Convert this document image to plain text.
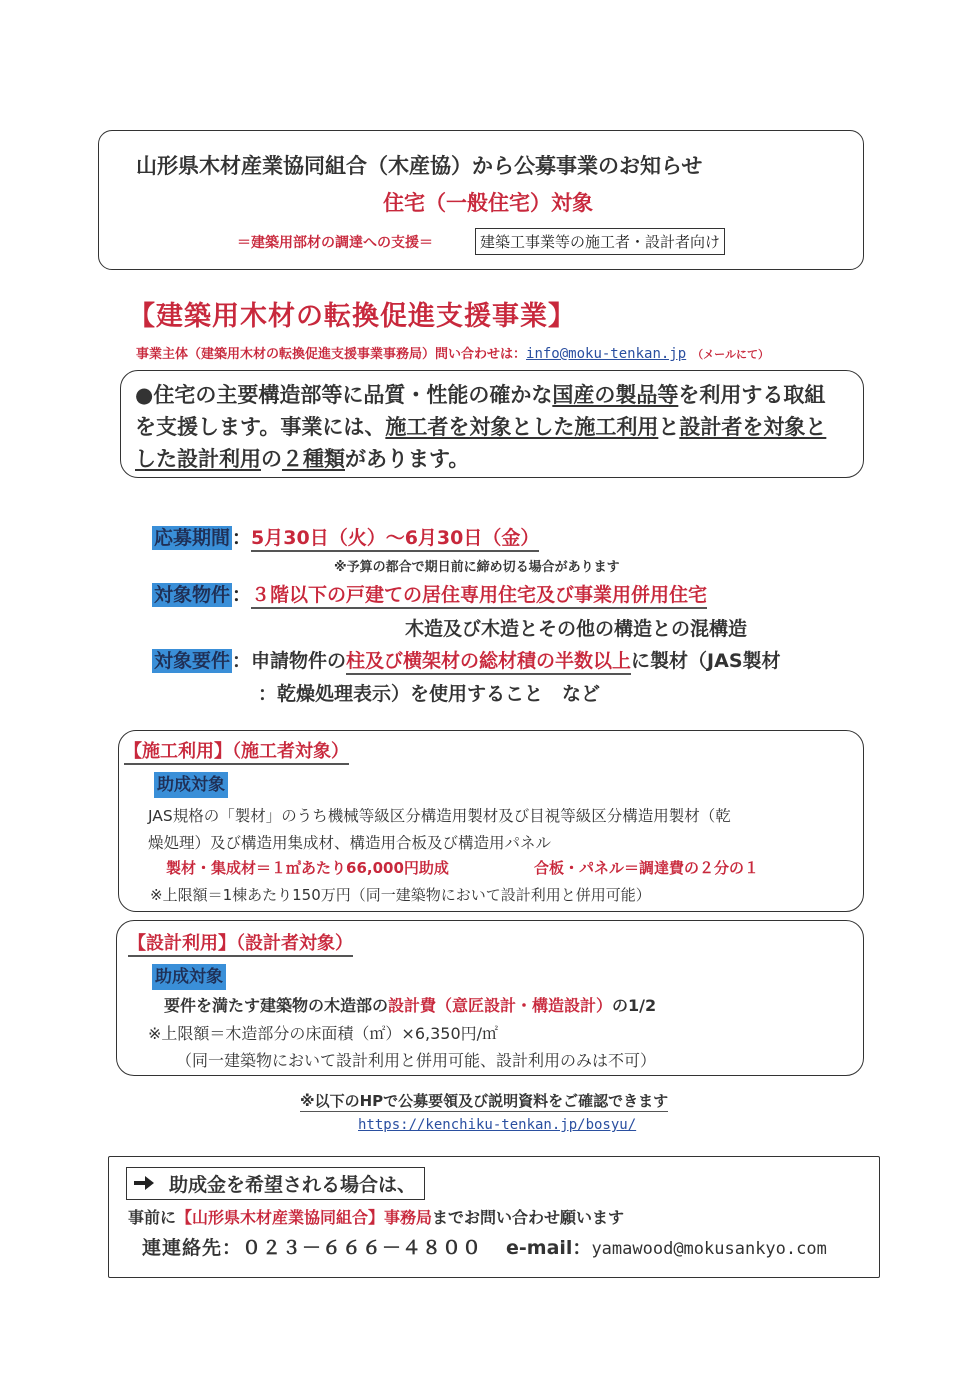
山形県木材産業協同組合（木産協）から公募事業のお知らせ
住宅（一般住宅）対象
＝建築用部材の調達への支援＝	建築工事業等の施工者・設計者向け
【建築用木材の転換促進支援事業】
事業主体（建築用木材の転換促進支援事業事務局）問い合わせは：info@moku-tenkan.jp （メールにて）
●住宅の主要構造部等に品質・性能の確かな国産の製品等を利用する取組
を支援します。事業には、施工者を対象とした施工利用と設計者を対象と
した設計利用の２種類があります。
応募期間 ：5月30日（火）～6月30日（金）
※予算の都合で期日前に締め切る場合があります
対象物件 ：３階以下の戸建ての居住専用住宅及び事業用併用住宅
木造及び木造とその他の構造との混構造
対象要件 ：申請物件の柱及び横架材の総材積の半数以上に製材（JAS製材
：乾燥処理表示）を使用すること　など
【施工利用】（施工者対象）
助成対象
JAS規格の「製材」のうち機械等級区分構造用製材及び目視等級区分構造用製材（乾
燥処理）及び構造用集成材、構造用合板及び構造用パネル
製材・集成材＝１㎥あたり66,000円助成	合板・パネル＝調達費の２分の１
※上限額＝1棟あたり150万円（同一建築物において設計利用と併用可能）
【設計利用】（設計者対象）
助成対象
要件を満たす建築物の木造部の設計費（意匠設計・構造設計）の1/2
※上限額＝木造部分の床面積（㎡）×6,350円/㎡
（同一建築物において設計利用と併用可能、設計利用のみは不可）
※以下のHPで公募要領及び説明資料をご確認できます
https://kenchiku-tenkan.jp/bosyu/
助成金を希望される場合は、
事前に【山形県木材産業協同組合】事務局までお問い合わせ願います
連連絡先：０２３－６６６－４８００ e-mail：yamawood@mokusankyo.com
